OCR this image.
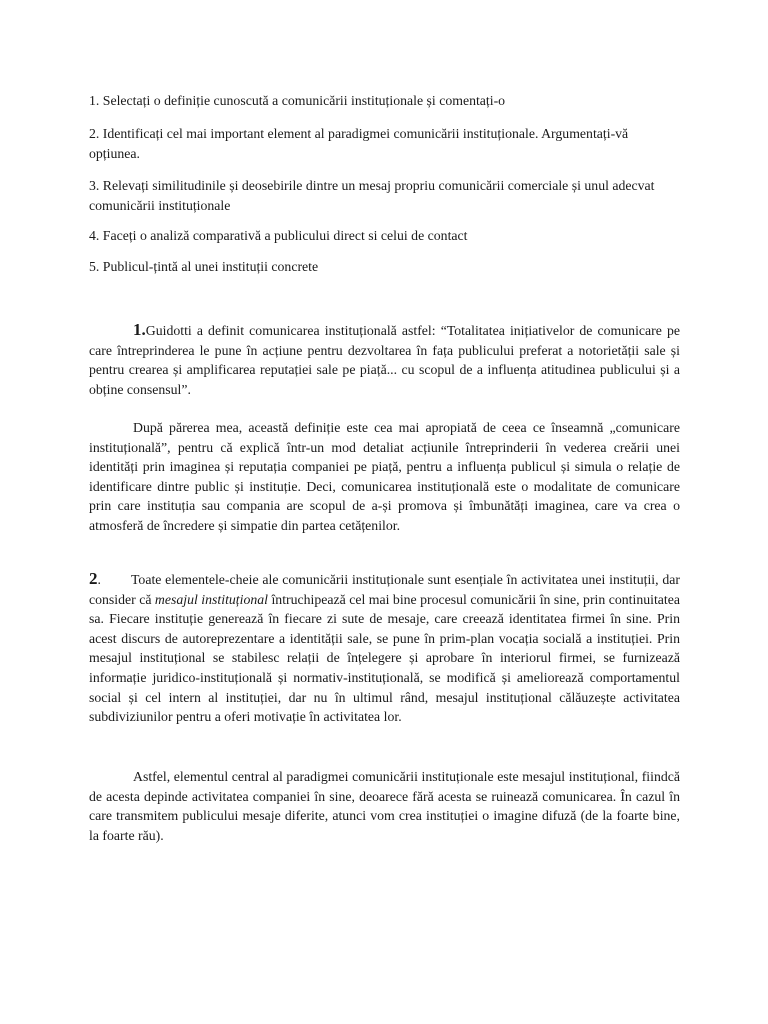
1. Selectați o definiție cunoscută a comunicării instituționale și comentați-o

2. Identificați cel mai important element al paradigmei comunicării instituționale. Argumentați-vă opțiunea.

3. Relevați similitudinile și deosebirile dintre un mesaj propriu comunicării comerciale și unul adecvat comunicării instituționale

4. Faceți o analiză comparativă a publicului direct si celui de contact

5. Publicul-țintă al unei instituții concrete

1.Guidotti a definit comunicarea instituțională astfel: “Totalitatea inițiativelor de comunicare pe care întreprinderea le pune în acțiune pentru dezvoltarea în fața publicului preferat a notorietății sale și pentru crearea și amplificarea reputației sale pe piață... cu scopul de a influența atitudinea publicului și a obține consensul”.

După părerea mea, această definiție este cea mai apropiată de ceea ce înseamnă „comunicare instituțională”, pentru că explică într-un mod detaliat acțiunile întreprinderii în vederea creării unei identități prin imaginea și reputația companiei pe piață, pentru a influența publicul și simula o relație de identificare dintre public și instituție. Deci, comunicarea instituțională este o modalitate de comunicare prin care instituția sau compania are scopul de a-și promova și îmbunătăți imaginea, care va crea o atmosferă de încredere și simpatie din partea cetățenilor.

2. Toate elementele-cheie ale comunicării instituționale sunt esențiale în activitatea unei instituții, dar consider că mesajul instituțional întruchipează cel mai bine procesul comunicării în sine, prin continuitatea sa. Fiecare instituție generează în fiecare zi sute de mesaje, care creează identitatea firmei în sine. Prin acest discurs de autoreprezentare a identității sale, se pune în prim-plan vocația socială a instituției. Prin mesajul instituțional se stabilesc relații de înțelegere și aprobare în interiorul firmei, se furnizează informație juridico-instituțională și normativ-instituțională, se modifică și ameliorează comportamentul social și cel intern al instituției, dar nu în ultimul rând, mesajul instituțional călăuzește activitatea subdiviziunilor pentru a oferi motivație în activitatea lor.

Astfel, elementul central al paradigmei comunicării instituționale este mesajul instituțional, fiindcă de acesta depinde activitatea companiei în sine, deoarece fără acesta se ruinează comunicarea. În cazul în care transmitem publicului mesaje diferite, atunci vom crea instituției o imagine difuză (de la foarte bine, la foarte rău).
